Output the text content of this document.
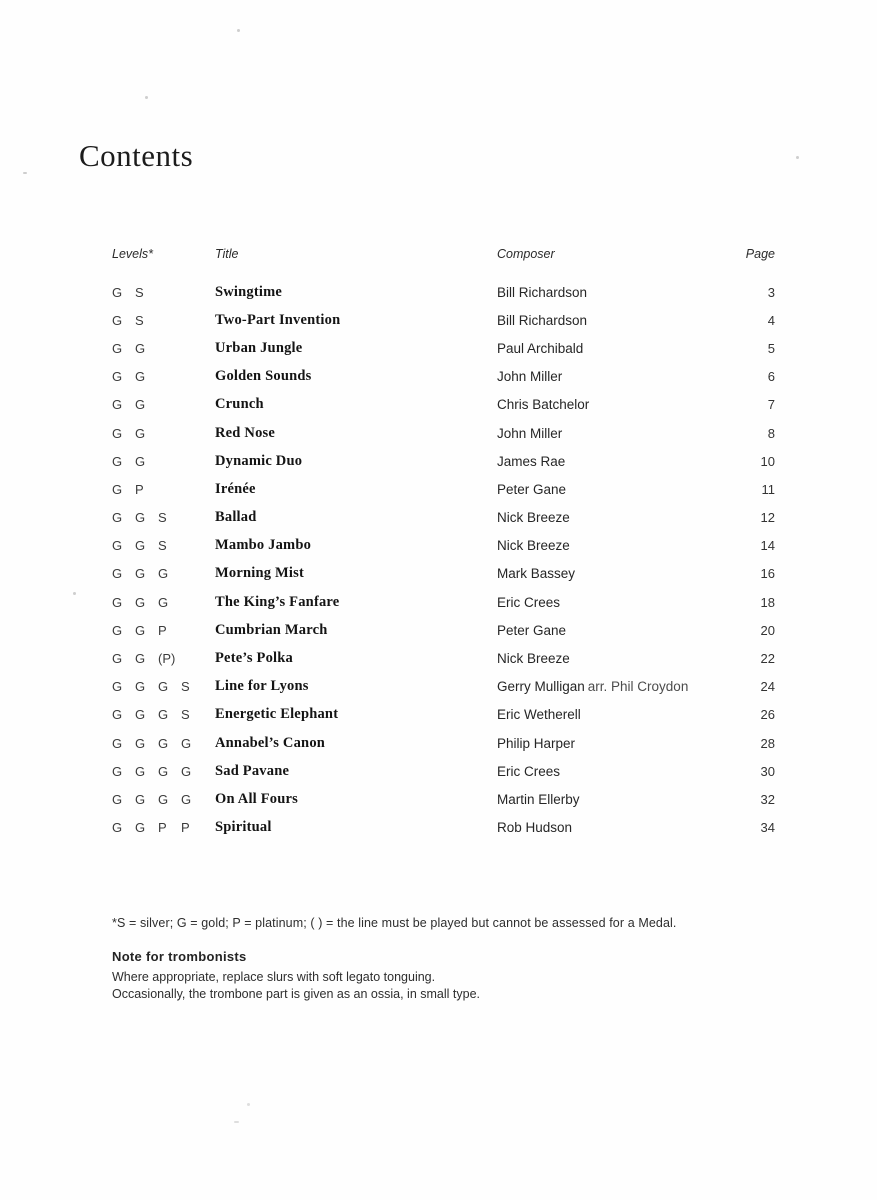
Contents
Levels*	Title	Composer	Page
G S	Swingtime	Bill Richardson	3
G S	Two-Part Invention	Bill Richardson	4
G G	Urban Jungle	Paul Archibald	5
G G	Golden Sounds	John Miller	6
G G	Crunch	Chris Batchelor	7
G G	Red Nose	John Miller	8
G G	Dynamic Duo	James Rae	10
G P	Irénée	Peter Gane	11
G G S	Ballad	Nick Breeze	12
G G S	Mambo Jambo	Nick Breeze	14
G G G	Morning Mist	Mark Bassey	16
G G G	The King’s Fanfare	Eric Crees	18
G G P	Cumbrian March	Peter Gane	20
G G (P)	Pete’s Polka	Nick Breeze	22
G G G S	Line for Lyons	Gerry Mulligan arr. Phil Croydon	24
G G G S	Energetic Elephant	Eric Wetherell	26
G G G G	Annabel’s Canon	Philip Harper	28
G G G G	Sad Pavane	Eric Crees	30
G G G G	On All Fours	Martin Ellerby	32
G G P P	Spiritual	Rob Hudson	34
*S = silver; G = gold; P = platinum; ( ) = the line must be played but cannot be assessed for a Medal.
Note for trombonists
Where appropriate, replace slurs with soft legato tonguing.
Occasionally, the trombone part is given as an ossia, in small type.
